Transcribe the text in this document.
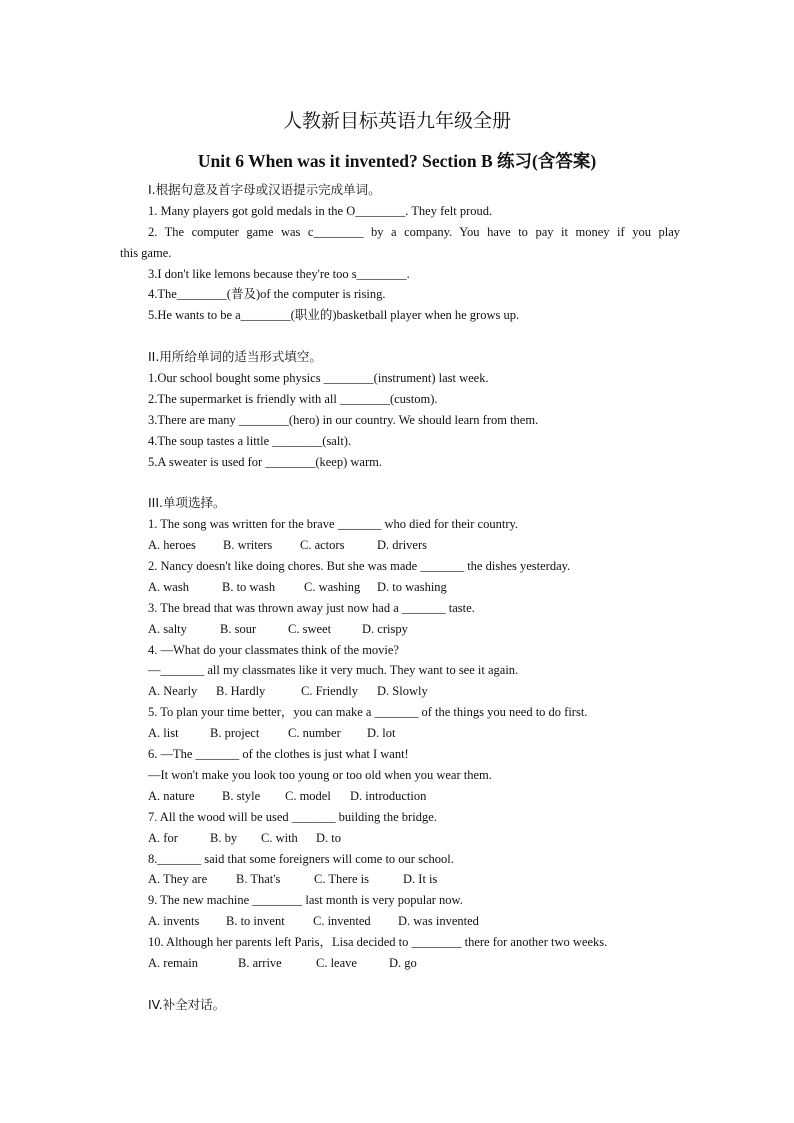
人教新目标英语九年级全册
Unit 6 When was it invented? Section B 练习(含答案)
I.根据句意及首字母或汉语提示完成单词。
1. Many players got gold medals in the O________. They felt proud.
2. The computer game was c________ by a company. You have to pay it money if you play
this game.
3.I don't like lemons because they're too s________.
4.The________(普及)of the computer is rising.
5.He wants to be a________(职业的)basketball player when he grows up.
II.用所给单词的适当形式填空。
1.Our school bought some physics ________(instrument) last week.
2.The supermarket is friendly with all ________(custom).
3.There are many ________(hero) in our country. We should learn from them.
4.The soup tastes a little ________(salt).
5.A sweater is used for ________(keep) warm.
III.单项选择。
1. The song was written for the brave _______ who died for their country.
A. heroes B. writers C. actors	D. drivers
2. Nancy doesn't like doing chores. But she was made _______ the dishes yesterday.
A. wash	B. to wash C. washing D. to washing
3. The bread that was thrown away just now had a _______ taste.
A. salty	B. sour	C. sweet D. crispy
4. —What do your classmates think of the movie?
—_______ all my classmates like it very much. They want to see it again.
A. Nearly B. Hardly	C. Friendly D. Slowly
5. To plan your time better，you can make a _______ of the things you need to do first.
A. list	B. project C. number D. lot
6. —The _______ of the clothes is just what I want!
—It won't make you look too young or too old when you wear them.
A. nature B. style C. model D. introduction
7. All the wood will be used _______ building the bridge.
A. for	B. by C. with D. to
8._______ said that some foreigners will come to our school.
A. They are B. That's	C. There is	D. It is
9. The new machine ________ last month is very popular now.
A. invents B. to invent C. invented D. was invented
10. Although her parents left Paris，Lisa decided to ________ there for another two weeks.
A. remain	B. arrive	C. leave	D. go
IV.补全对话。
